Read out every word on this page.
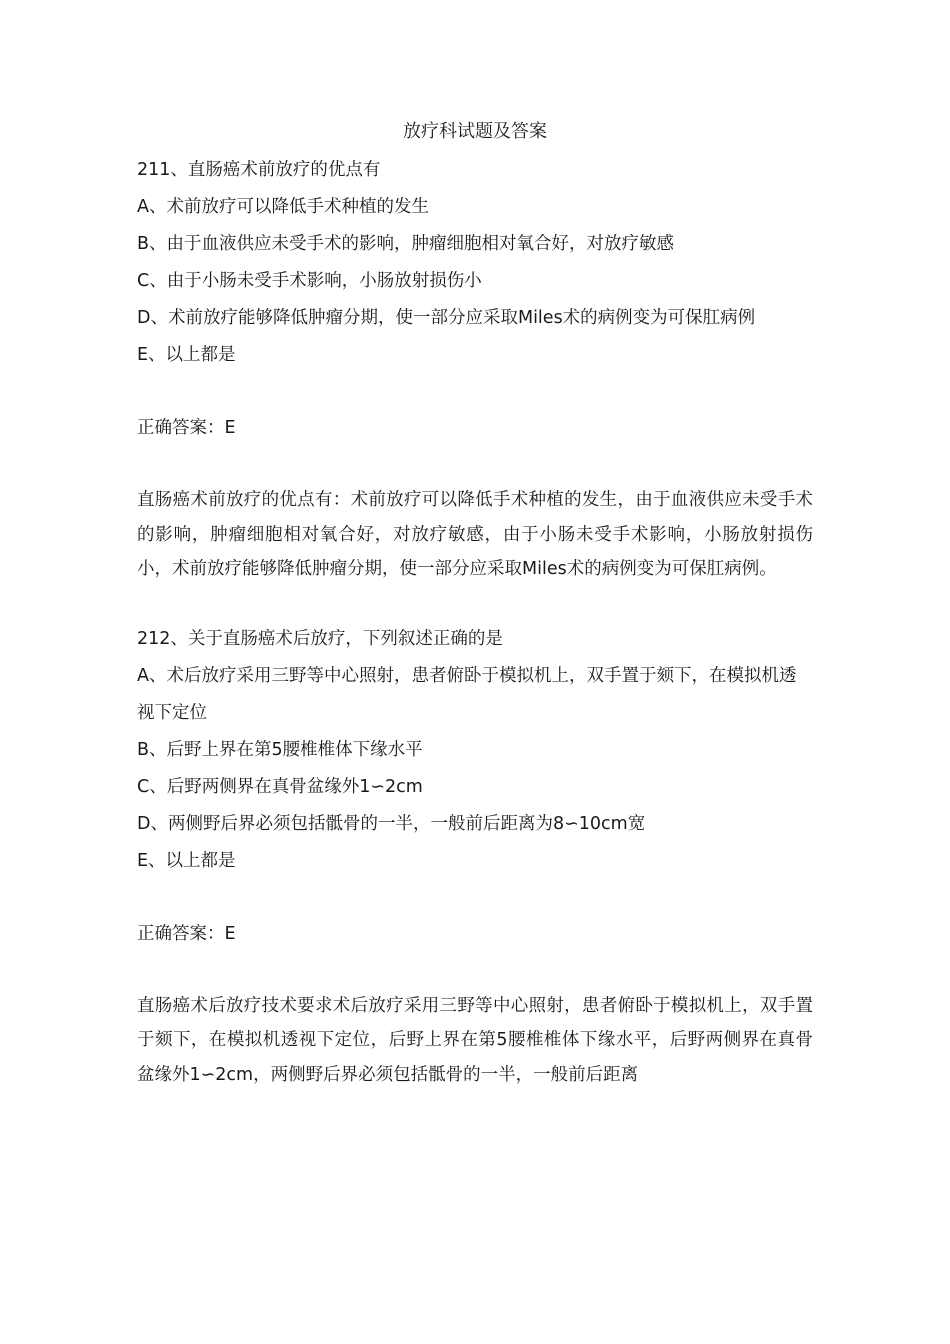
放疗科试题及答案

211、直肠癌术前放疗的优点有

A、术前放疗可以降低手术种植的发生

B、由于血液供应未受手术的影响，肿瘤细胞相对氧合好，对放疗敏感

C、由于小肠未受手术影响，小肠放射损伤小

D、术前放疗能够降低肿瘤分期，使一部分应采取Miles术的病例变为可保肛病例

E、以上都是

正确答案：E

直肠癌术前放疗的优点有：术前放疗可以降低手术种植的发生，由于血液供应未受手术的影响，肿瘤细胞相对氧合好，对放疗敏感，由于小肠未受手术影响，小肠放射损伤小，术前放疗能够降低肿瘤分期，使一部分应采取Miles术的病例变为可保肛病例。

212、关于直肠癌术后放疗，下列叙述正确的是

A、术后放疗采用三野等中心照射，患者俯卧于模拟机上，双手置于颏下，在模拟机透视下定位

B、后野上界在第5腰椎椎体下缘水平

C、后野两侧界在真骨盆缘外1∽2cm

D、两侧野后界必须包括骶骨的一半，一般前后距离为8∽10cm宽

E、以上都是

正确答案：E

直肠癌术后放疗技术要求术后放疗采用三野等中心照射，患者俯卧于模拟机上，双手置于颏下，在模拟机透视下定位，后野上界在第5腰椎椎体下缘水平，后野两侧界在真骨盆缘外1∽2cm，两侧野后界必须包括骶骨的一半，一般前后距离
